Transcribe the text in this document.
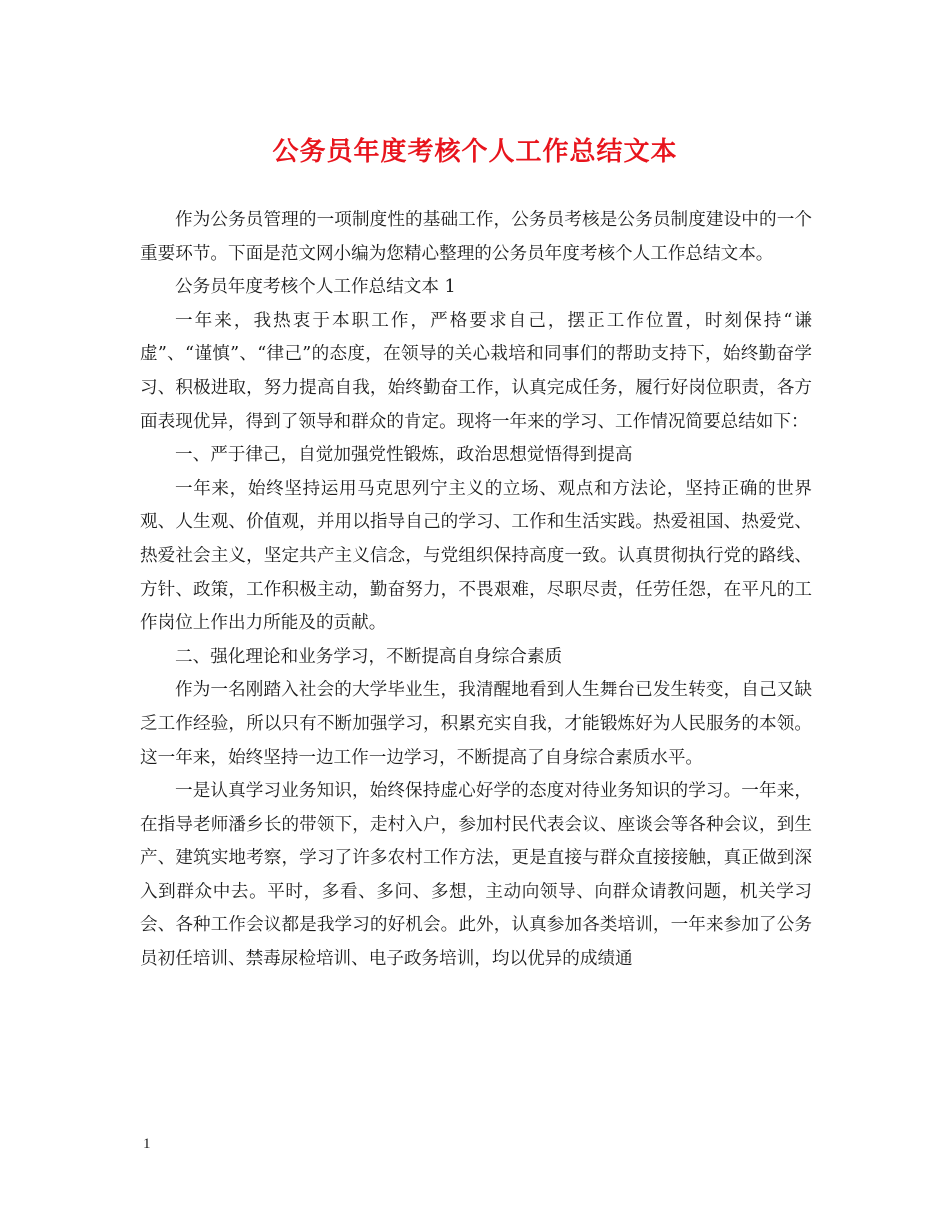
公务员年度考核个人工作总结文本

作为公务员管理的一项制度性的基础工作，公务员考核是公务员制度建设中的一个重要环节。下面是范文网小编为您精心整理的公务员年度考核个人工作总结文本。

公务员年度考核个人工作总结文本 1

一年来，我热衷于本职工作，严格要求自己，摆正工作位置，时刻保持“谦虚”、“谨慎”、“律己”的态度，在领导的关心栽培和同事们的帮助支持下，始终勤奋学习、积极进取，努力提高自我，始终勤奋工作，认真完成任务，履行好岗位职责，各方面表现优异，得到了领导和群众的肯定。现将一年来的学习、工作情况简要总结如下：

一、严于律己，自觉加强党性锻炼，政治思想觉悟得到提高

一年来，始终坚持运用马克思列宁主义的立场、观点和方法论，坚持正确的世界观、人生观、价值观，并用以指导自己的学习、工作和生活实践。热爱祖国、热爱党、热爱社会主义，坚定共产主义信念，与党组织保持高度一致。认真贯彻执行党的路线、方针、政策，工作积极主动，勤奋努力，不畏艰难，尽职尽责，任劳任怨，在平凡的工作岗位上作出力所能及的贡献。

二、强化理论和业务学习，不断提高自身综合素质

作为一名刚踏入社会的大学毕业生，我清醒地看到人生舞台已发生转变，自己又缺乏工作经验，所以只有不断加强学习，积累充实自我，才能锻炼好为人民服务的本领。这一年来，始终坚持一边工作一边学习，不断提高了自身综合素质水平。

一是认真学习业务知识，始终保持虚心好学的态度对待业务知识的学习。一年来，在指导老师潘乡长的带领下，走村入户，参加村民代表会议、座谈会等各种会议，到生产、建筑实地考察，学习了许多农村工作方法，更是直接与群众直接接触，真正做到深入到群众中去。平时，多看、多问、多想，主动向领导、向群众请教问题，机关学习会、各种工作会议都是我学习的好机会。此外，认真参加各类培训，一年来参加了公务员初任培训、禁毒尿检培训、电子政务培训，均以优异的成绩通

1
